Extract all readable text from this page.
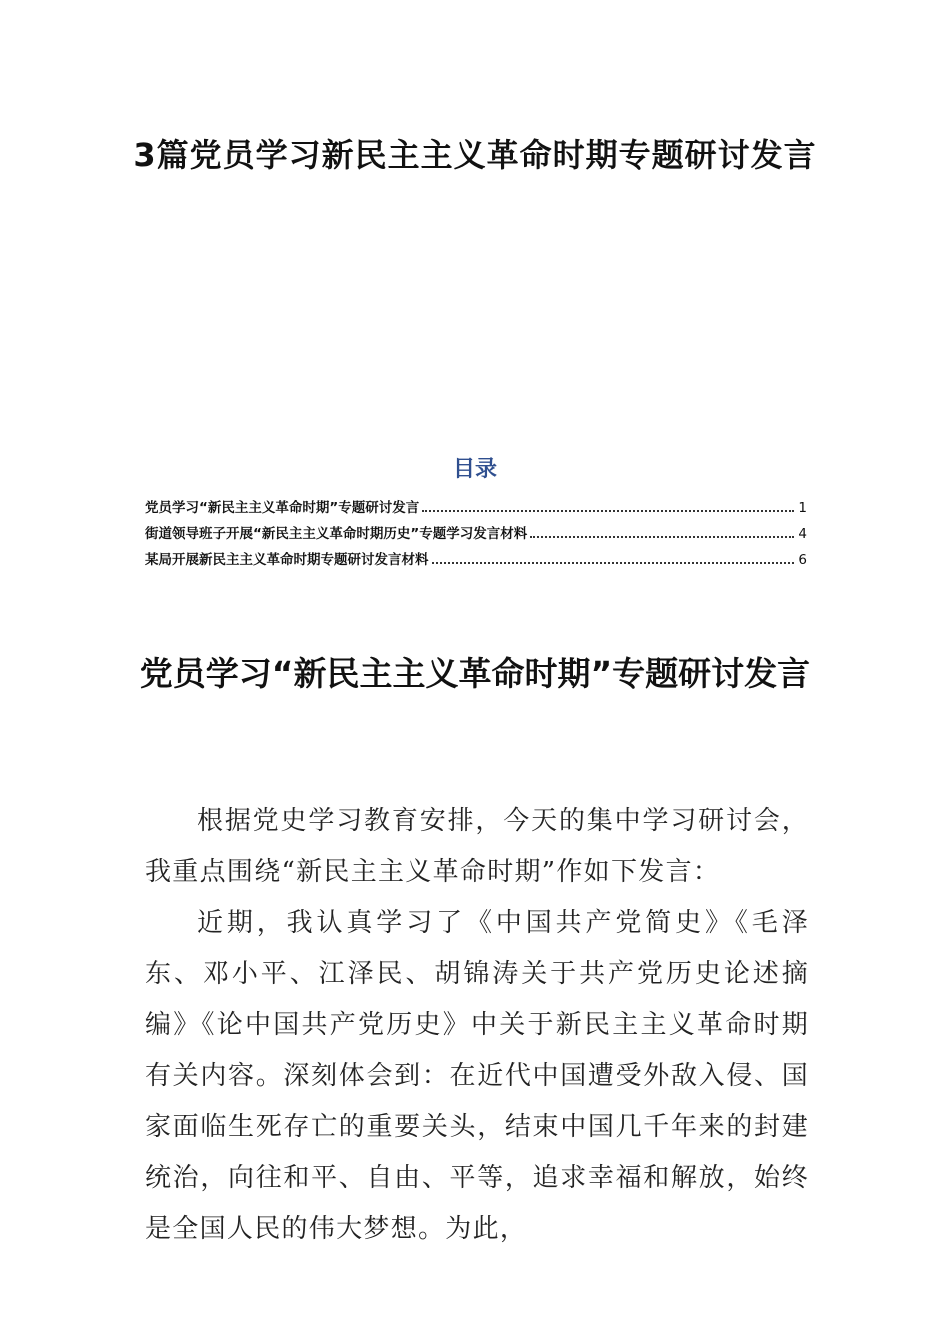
3篇党员学习新民主主义革命时期专题研讨发言
目录
党员学习“新民主主义革命时期”专题研讨发言	1
街道领导班子开展“新民主主义革命时期历史”专题学习发言材料	4
某局开展新民主主义革命时期专题研讨发言材料	6
党员学习“新民主主义革命时期”专题研讨发言

根据党史学习教育安排，今天的集中学习研讨会，我重点围绕“新民主主义革命时期”作如下发言：

近期，我认真学习了《中国共产党简史》《毛泽东、邓小平、江泽民、胡锦涛关于共产党历史论述摘编》《论中国共产党历史》中关于新民主主义革命时期有关内容。深刻体会到：在近代中国遭受外敌入侵、国家面临生死存亡的重要关头，结束中国几千年来的封建统治，向往和平、自由、平等，追求幸福和解放，始终是全国人民的伟大梦想。为此，
